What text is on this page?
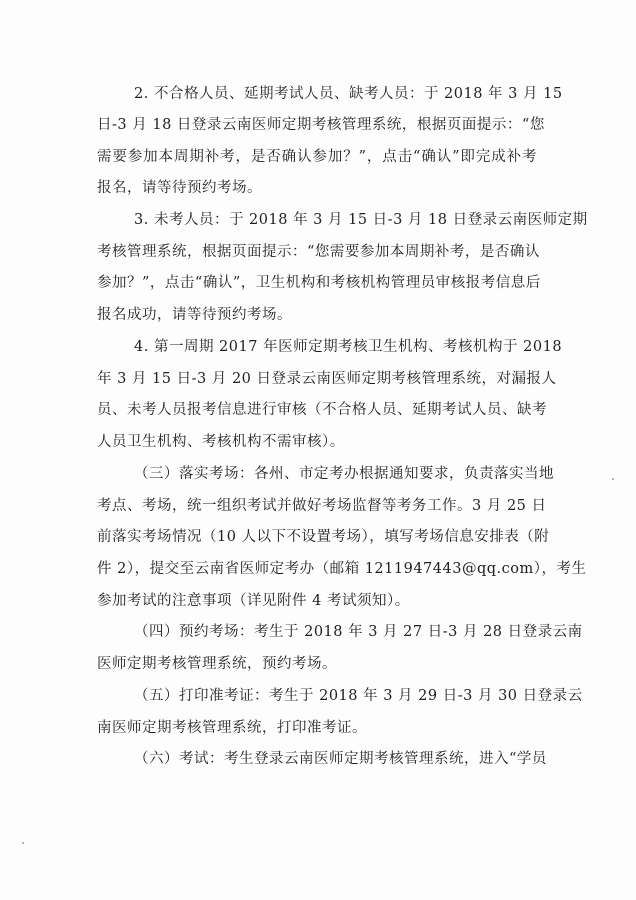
2. 不合格人员、延期考试人员、缺考人员：于 2018 年 3 月 15
日-3 月 18 日登录云南医师定期考核管理系统，根据页面提示：“您
需要参加本周期补考，是否确认参加？”，点击“确认”即完成补考
报名，请等待预约考场。
3. 未考人员：于 2018 年 3 月 15 日-3 月 18 日登录云南医师定期
考核管理系统，根据页面提示：“您需要参加本周期补考，是否确认
参加？”，点击“确认”，卫生机构和考核机构管理员审核报考信息后
报名成功，请等待预约考场。
4. 第一周期 2017 年医师定期考核卫生机构、考核机构于 2018
年 3 月 15 日-3 月 20 日登录云南医师定期考核管理系统，对漏报人
员、未考人员报考信息进行审核（不合格人员、延期考试人员、缺考
人员卫生机构、考核机构不需审核）。
（三）落实考场：各州、市定考办根据通知要求，负责落实当地
考点、考场，统一组织考试并做好考场监督等考务工作。3 月 25 日
前落实考场情况（10 人以下不设置考场），填写考场信息安排表（附
件 2），提交至云南省医师定考办（邮箱 1211947443@qq.com），考生
参加考试的注意事项（详见附件 4 考试须知）。
（四）预约考场：考生于 2018 年 3 月 27 日-3 月 28 日登录云南
医师定期考核管理系统，预约考场。
（五）打印准考证：考生于 2018 年 3 月 29 日-3 月 30 日登录云
南医师定期考核管理系统，打印准考证。
（六）考试：考生登录云南医师定期考核管理系统，进入“学员
